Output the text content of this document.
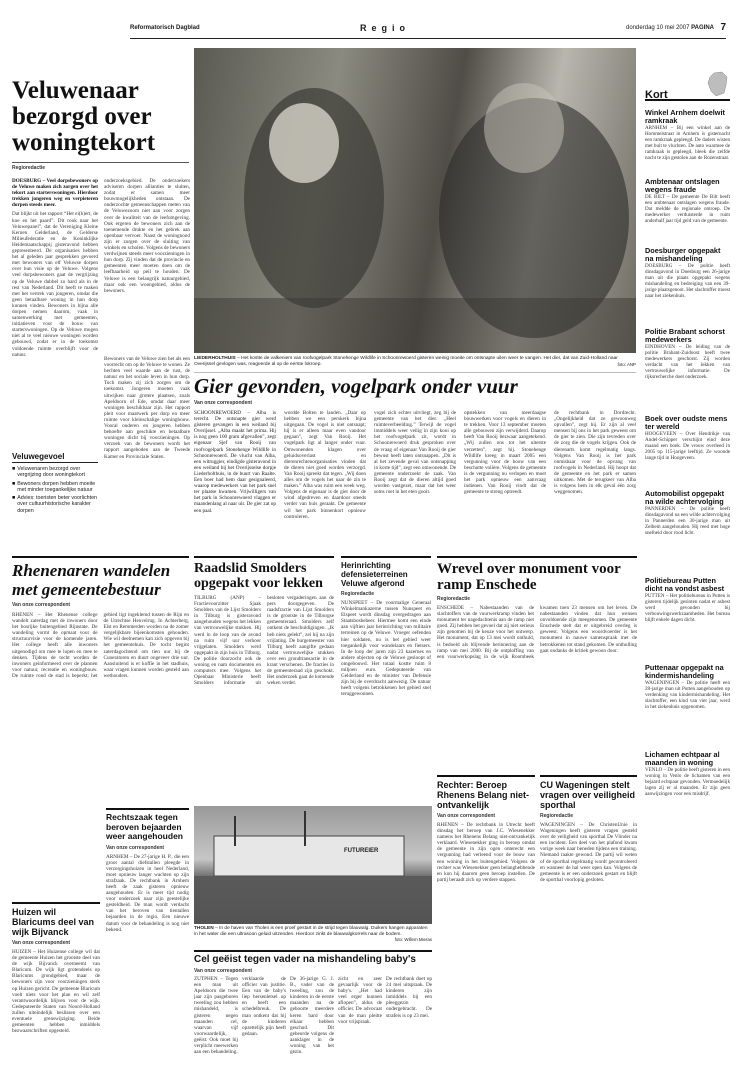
Reformatorisch Dagblad	Regio	donderdag 10 mei 2007 PAGINA 7
Veluwenaar bezorgd over woningtekort
Regioredactie
DOESBURG – Veel dorpsbewoners op de Veluwe maken zich zorgen over het tekort aan starterswoningen. Hierdoor trekken jongeren weg en verpieteren dorpen steeds meer.
Dat blijkt uit het rapport “Het ei(h)ert, de koe en het paard”. Dit rook naar het Veluwepanel”, dat de Vereniging Kleine Kernen Gelderland, de Gelderse Milieufederatie en de Koninklijke Heidemaatschappij gisteravond hebben gepresenteerd. De organisaties hebben het al geleden jaar gesprekken gevoerd met bewoners van elf Veluwse dorpen over hun visie op de Veluwe. Volgens veel dorpsbewoners gaat de vergrijzing op de Veluwe dubbel zo hard als in de rest van Nederland. Dit heeft te maken met het vertrek van jongeren, omdat die geen betaalbare woning in hun dorp kunnen vinden. Bewoners in bijna alle dorpen nemen daarom, vaak in samenwerking met gemeenten, initiatieven voor de bouw van starterswoningen. Op de Veluwe mogen niet al te veel nieuwe woningen worden gebouwd, zodat er in de toekomst voldoende ruimte overblijft voor de natuur.
onderzoeksgebied. De onderzoekers adviseren dorpen allianties te sluiten, zodat er samen meer bouwmogelijkheden ontstaan. De onderzochte gemeenschappen meten van de Veluwezoom niet aan voor zorgen over de kwaliteit van de leefomgeving. Ook ergeren de bewoners zich aan de toenemende drukte en het gebrek aan openbaar vervoer. Naast de woningnood zijn er zorgen over de sluiting van winkels en scholen. Volgens de bewoners verdwijnen steeds meer voorzieningen in hun dorp. Zij vinden dat de provincie en gemeenten meer moeten doen om de leefbaarheid op peil te houden. De Veluwe is een belangrijk natuurgebied, maar ook een woongebied, aldus de bewoners.
Bewoners van de Veluwe zien het als een voorrecht om op de Veluwe te wonen. Ze hechten veel waarde aan de rust, de natuur en het sociale leven in hun dorp. Toch maken zij zich zorgen om de toekomst. Jongeren moeten vaak uitwijken naar grotere plaatsen, zoals Apeldoorn of Ede, omdat daar meer woningen beschikbaar zijn. Het rapport pleit voor maatwerk per dorp en meer ruimte voor kleinschalige woningbouw. Vooral ouderen en jongeren hebben behoefte aan geschikte en betaalbare woningen dicht bij voorzieningen. Op verzoek van de bewoners wordt het rapport aangeboden aan de Tweede Kamer en Provinciale Staten.
Veluwegevoel
■ Veluwenaren bezorgd over vergrijzing door woningtekort
■ Bewoners dorpen hebben moeite met minder toegankelijke natuur
■ Advies: toeristen beter voorlichten over cultuurhistorische karakter dorpen
LIEDERHOLTHUIS – Het kostte de valkeniers van roofvogelpark Stonehenge Wildlife in Schoonrewoerd gisteren weinig moeite om ontsnapte uilen weer te vangen. Het dier, dat van Zuid-Holland naar Overijssel gevlogen was, reageerde al op de eerste lokroep.	foto: ANP
Gier gevonden, vogelpark onder vuur
Van onze correspondent
SCHOONREWOERD – Alba is terecht. De ontsnapte gier werd gisteren gevangen in een weiland bij Overijssel. „Alba maakt het prima. Hij is nog geen 100 gram afgevallen”, zegt eigenaar Sjef van Rooij van roofvogelpark Stonehenge Wildlife in Schoonrewoerd. De vlucht van Alba, een witruggier, eindigde gisteravond in een weiland bij het Overijsselse dorpje Liederholthuis, in de buurt van Raalte. Een boer had hem daar gesignaleerd, waarop medewerkers van het park snel ter plaatse kwamen. Vrijwilligers van het park in Schoonrewoerd vlaggen er maandenlang al naar uit. De gier zat op een paal.
wordde Bolten te landen. „Daar op hebben we een perskerk bijna uitgegaan. De vogel is niet ontsnapt; hij is er alleen maar even vandoor gegaan”, zegt Van Rooij. Het vogelpark ligt al langer onder vuur. Omwonenden klagen over geluidsoverlast en dierenrechtenorganisaties vinden dat de dieren niet goed worden verzorgd. Van Rooij spreekt dat tegen. „Wij doen alles om de vogels het naar de zin te maken.” Alba was ruim een week weg. Volgens de eigenaar is de gier door de wind afgedreven en daardoor steeds verder van huis geraakt. De gemeente wil het park binnenkort opnieuw controleren.
vogel zich echter uitvliegt, zeg bij de gemeente van het dier. „Heel ruimteverbeelding.” Terwijl de vogel immiddels weer veilig in zijn kooi op het roofvogelpark zit, wordt in Schoonrewoerd druk gesproken over de vraag of eigenaar Van Rooij de gier bewust heeft laten ontsnappen. „Dit is al het zevende geval van ontsnapping in korte tijd”, zegt een omwonende. De gemeente onderzoekt de zaak. Van Rooij zegt dat de dieren altijd goed worden vastgezet, maar dat het weer soms roet in het eten gooit.
opstekken van meerdaagse bouwwerken voor vogels en dieren in te trekken. Voor 13 september moeten alle gebouwen zijn verwijderd. Daarop heeft Van Rooij bezwaar aangetekend. „Wij zullen ons tot het uiterste verzetten”, zegt hij. Stonehenge Wildlife kreeg in maart 2005 een vergunning voor de bouw van een beschutte volière. Volgens de gemeente is de vergunning nu verlopen en moet het park opnieuw een aanvraag indienen. Van Rooij vindt dat de gemeente te streng optreedt.
de rechtbank in Dordrecht. „Ongelijkheid dat ze gewoonweg opvallen”, zegt hij. Er zijn al veel mensen bij ons in het park geweest om de gier te zien. Die zijn tevreden over de zorg die de vogels krijgen. Ook de dierenarts komt regelmatig langs. Volgens Van Rooij is het park onmisbaar voor de opvang van roofvogels in Nederland. Hij hoopt dat de gemeente en het park er samen uitkomen. Met de terugkeer van Alba is volgens hem in elk geval één zorg weggenomen.
Kort
Winkel Arnhem doelwit ramkraak
ARNHEM – Bij een winkel aan de Hommelstraat in Arnhem is gisternacht een ramkraak gepleegd. De daders wisten met buit te vluchten. De auto waarmee de ramkraak is gepleegd, bleek die zelfde nacht te zijn gestolen aan de Rozenstraat.
Ambtenaar ontslagen wegens fraude
DE BILT – De gemeente De Bilt heeft een ambtenaar ontslagen wegens fraude. Dat meldde de regionale omroep. De medewerker verduisterde in ruim anderhalf jaar tijd geld van de gemeente.
Doesburger opgepakt na mishandeling
DOESBURG – De politie heeft dinsdagavond in Doesburg een 26-jarige man uit die plaats opgepakt wegens mishandeling en bedreiging van een 39-jarige plaatsgenoot. Het slachtoffer moest naar het ziekenhuis.
Politie Brabant schorst medewerkers
EINDHOVEN – De leiding van de politie Brabant-Zuidoost heeft twee medewerkers geschorst. Zij worden verdacht van het lekken van vertrouwelijke informatie. De rijksrecherche doet onderzoek.
Boek over oudste mens ter wereld
HOOGEVEEN – Over Hendrikje van Andel-Schipper verschijnt eind deze maand een boek. De vrouw overleed in 2005 op 115-jarige leeftijd. Ze woonde lange tijd in Hoogeveen.
Automobilist opgepakt na wilde achtervolging
PANNERDEN – De politie heeft dinsdagavond na een wilde achtervolging in Pannerden een 30-jarige man uit Zelhem aangehouden. Hij reed met hoge snelheid door rood licht.
Politiebureau Putten dicht na vondst asbest
PUTTEN – Het politiebureau in Putten is gisteren tijdelijk gesloten nadat er asbest werd gevonden bij verbouwingswerkzaamheden. Het bureau blijft enkele dagen dicht.
Puttenaar opgepakt na kindermishandeling
WAGENINGEN – De politie heeft een 28-jarige man uit Putten aangehouden op verdenking van kindermishandeling. Het slachtoffer, een kind van vier jaar, werd in het ziekenhuis opgenomen.
Lichamen echtpaar al maanden in woning
VENLO – De politie heeft gisteren in een woning in Venlo de lichamen van een bejaard echtpaar gevonden. Vermoedelijk lagen zij er al maanden. Er zijn geen aanwijzingen voor een misdrijf.
Rhenenaren wandelen met gemeentebestuur
Van onze correspondent
RHENEN – Het Rhenense college wandelt zaterdag met de inwoners door het bosrijke buitengebied Rijnstate. De wandeling vormt de opmaat voor de structuurvisie voor de komende jaren. Het college heeft alle inwoners uitgenodigd om mee te lopen en mee te denken. Tijdens de tocht worden de inwoners geïnformeerd over de plannen voor natuur, recreatie en woningbouw. De ruimte rond de stad is beperkt; het gebied ligt ingeklemd tussen de Rijn en de Utrechtse Heuvelrug. In Achterberg, Elst en Remmerden worden na de zomer vergelijkbare bijeenkomsten gehouden. Wie wil deelnemen kan zich opgeven bij het gemeentehuis. De tocht begint zaterdagochtend om tien uur bij de Cuneratoren en duurt ongeveer drie uur. Aansluitend is er koffie in het stadhuis, waar vragen kunnen worden gesteld aan wethouders.
Raadslid Smolders opgepakt voor lekken
TILBURG (ANP) – Fractievoorzitter Sjaak Smolders van de Lijst Smolders in Tilburg is gisteravond aangehouden wegens het lekken van vertrouwelijke stukken. Hij werd in de loop van de avond na ruim vijf uur verhoor vrijgelaten. Smolders werd opgepakt in zijn huis in Tilburg. De politie doorzocht ook de woning en nam documenten en computers mee. Volgens het Openbaar Ministerie heeft Smolders informatie uit besloten vergaderingen aan de pers doorgegeven. De raadsfractie van Lijst Smolders is de grootste in de Tilburgse gemeenteraad. Smolders zelf ontkent de beschuldigingen. „Ik heb niets gelekt”, zei hij na zijn vrijlating. De burgemeester van Tilburg heeft aangifte gedaan nadat vertrouwelijke stukken over een grondtransactie in de krant verschenen. De fracties in de gemeenteraad zijn geschokt. Het onderzoek gaat de komende weken verder.
Herinrichting defensieterreinen Veluwe afgerond
Regioredactie
NUNSPEET – De voormalige Generaal Winkelmankazerne tussen Nunspeet en Elspeet wordt dinsdag overgedragen aan Staatsbosbeheer. Hiermee komt een einde aan vijftien jaar herinrichting van militaire terreinen op de Veluwe. Vroeger oefenden hier soldaten, nu is het gebied weer toegankelijk voor wandelaars en fietsers. In de loop der jaren zijn 23 kazernes en andere objecten op de Veluwe gesloopt of omgebouwd. Het totaal kostte ruim 8 miljoen euro. Gedeputeerde van Gelderland en de minister van Defensie zijn bij de overdracht aanwezig. De natuur heeft volgens betrokkenen het gebied snel teruggewonnen.
Wrevel over monument voor ramp Enschede
Regioredactie
ENSCHEDE – Nabestaanden van de slachtoffers van de vuurwerkramp vinden het monument ter nagedachtenis aan de ramp niet goed. Zij hebben het gevoel dat zij niet serieus zijn genomen bij de keuze voor het ontwerp. Het monument, dat op 13 mei wordt onthuld, is bedoeld als blijvende herinnering aan de ramp van mei 2000. Bij de ontploffing van een vuurwerkopslag in de wijk Roombeek kwamen toen 23 mensen om het leven. De nabestaanden vinden dat hun wensen onvoldoende zijn meegenomen. De gemeente Enschede stelt dat er uitgebreid overleg is geweest. Volgens een woordvoerder is het monument in nauwe samenspraak met de betrokkenen tot stand gekomen. De onthulling gaat ondanks de kritiek gewoon door.
Rechter: Beroep Rhenens Belang niet-ontvankelijk
Van onze correspondent
RHENEN – De rechtbank in Utrecht heeft dinsdag het beroep van J.C. Wiesenekker namens het Rhenens Belang niet-ontvankelijk verklaard. Wiesenekker ging in beroep omdat de gemeente in zijn ogen onterecht een vergunning had verleend voor de bouw van een woning in het buitengebied. Volgens de rechter was Wiesenekker geen belanghebbende en kon hij daarom geen beroep instellen. De partij beraadt zich op verdere stappen.
CU Wageningen stelt vragen over veiligheid sporthal
Regioredactie
WAGENINGEN – De ChristenUnie in Wageningen heeft gisteren vragen gesteld over de veiligheid van sporthal De Vlinder na een incident. Een deel van het plafond kwam vorige week naar beneden tijdens een training. Niemand raakte gewond. De partij wil weten of de sporthal regelmatig wordt gecontroleerd en wanneer de hal weer open kan. Volgens de gemeente is er een onderzoek gestart en blijft de sporthal voorlopig gesloten.
Huizen wil Blaricums deel van wijk Bijvanck
Van onze correspondent
HUIZEN – Het Huizense college wil dat de gemeente Huizen het grootste deel van de wijk Bijvanck overneemt van Blaricum. De wijk ligt grotendeels op Blaricums grondgebied, maar de bewoners zijn voor voorzieningen sterk op Huizen gericht. De gemeente Blaricum voelt niets voor het plan en wil zelf verantwoordelijk blijven voor de wijk. Gedeputeerde Staten van Noord-Holland zullen uiteindelijk beslissen over een eventuele grenswijziging. Beide gemeenten hebben inmiddels bezwaarschriften opgesteld.
Rechtszaak tegen beroven bejaarden weer aangehouden
Van onze correspondent
ARNHEM – De 27-jarige H. P., die een groot aantal diefstallen pleegde in verzorgingshuizen in heel Nederland, moet opnieuw langer wachten op zijn strafzaak. De rechtbank in Arnhem heeft de zaak gisteren opnieuw aangehouden. Er is meer tijd nodig voor onderzoek naar zijn geestelijke gesteldheid. De man wordt verdacht van het beroven van tientallen bejaarden in de regio. Een nieuwe datum voor de behandeling is nog niet bekend.
FUTUREIER
THOLEN – In de haven van Tholen is een proef gestart in de strijd tegen blauwalg. Duikers hangen apparaten in het water die een ultrasoon geluid uitzenden. Hierdoor zinkt de blauwalgkorrels naar de bodem.
foto: Willem Mieras
Cel geëist tegen vader na mishandeling baby's
Van onze correspondent
ZUTPHEN – Tegen een man uit Apeldoorn die twee jaar zijn pasgeboren tweeling zou hebben mishandeld, is gisteren negen maanden cel, waarvan vijf voorwaardelijk, geëist. Ook moet hij verplicht meewerken aan een behandeling.
verklaarde de officier van justitie. Een van de baby's liep hersenletsel op en heeft een schedelbreuk. De man ontkent dat hij de kinderen opzettelijk pijn heeft gedaan.
De 36-jarige G. J. B., vader van de tweeling, zou de kinderen in de eerste maanden na de geboorte meerdere keren hard door elkaar hebben geschud. Dit gebeurde volgens de aanklager in de woning van het gezin.
zicht en zeer gevaarlijk voor de baby's. „Het had veel erger kunnen aflopen”, aldus de officier. De advocaat van de man pleitte voor vrijspraak.
De rechtbank doet op 24 mei uitspraak. De kinderen zijn inmiddels bij een pleeggezin ondergebracht. De strafeis is op 23 mei.
